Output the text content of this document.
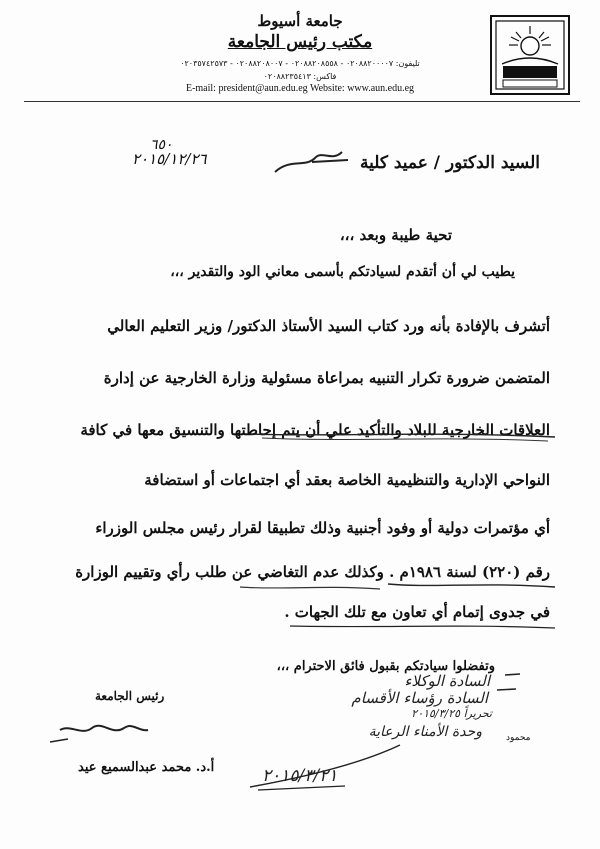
جامعة أسيوط
مكتب رئيس الجامعة
تليفون: ٠٢٠٨٨٢٠٠٠٠٧ - ٠٢٠٨٨٢٠٨٥٥٨ - ٠٢٠٨٨٢٠٨٠٠٧ - ٠٢٠٣٥٧٤٢٥٧٣
فاكس: ٠٢٠٨٨٢٣٥٤١٣
E-mail: president@aun.edu.eg Website: www.aun.edu.eg
٦٥٠
٢٠١٥/١٢/٢٦	السيد الدكتور / عميد كلية
تحية طيبة وبعد ،،،
يطيب لي أن أتقدم لسيادتكم بأسمى معاني الود والتقدير ،،،
أتشرف بالإفادة بأنه ورد كتاب السيد الأستاذ الدكتور/ وزير التعليم العالي
المتضمن ضرورة تكرار التنبيه بمراعاة مسئولية وزارة الخارجية عن إدارة
العلاقات الخارجية للبلاد والتأكيد علي أن يتم إحاطتها والتنسيق معها في كافة
النواحي الإدارية والتنظيمية الخاصة بعقد أي اجتماعات أو استضافة
أي مؤتمرات دولية أو وفود أجنبية وذلك تطبيقا لقرار رئيس مجلس الوزراء
رقم (٢٢٠) لسنة ١٩٨٦م . وكذلك عدم التغاضي عن طلب رأي وتقييم الوزارة
في جدوى إتمام أي تعاون مع تلك الجهات .
وتفضلوا سيادتكم بقبول فائق الاحترام ،،،
السادة الوكلاء
السادة رؤساء الأقسام
تحريراً ٢٠١٥/٣/٢٥
وحدة الأمناء الرعاية
٢٠١٥/٣/٢١
محمود
رئيس الجامعة
أ.د. محمد عبدالسميع عيد
